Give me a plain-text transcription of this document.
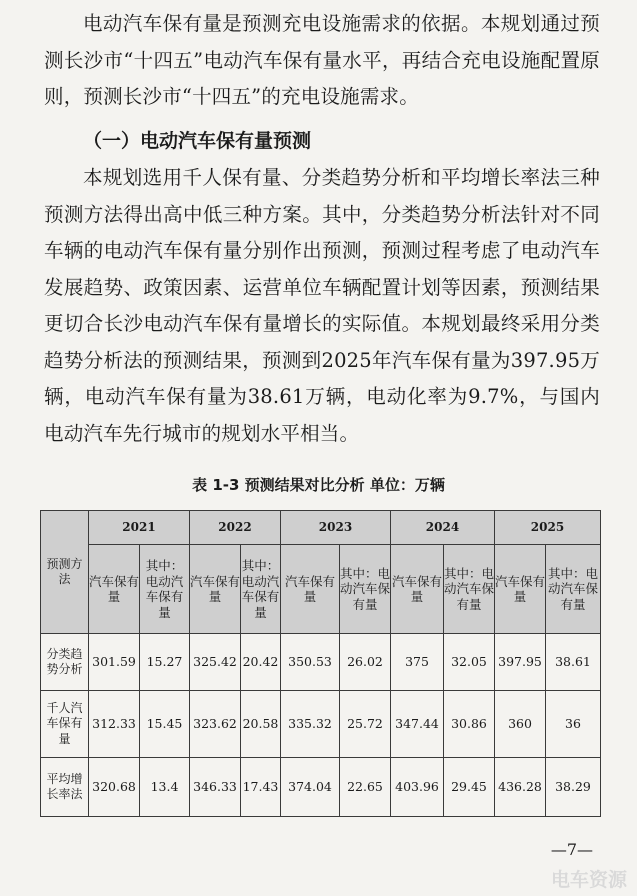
电动汽车保有量是预测充电设施需求的依据。本规划通过预测长沙市“十四五”电动汽车保有量水平，再结合充电设施配置原则，预测长沙市“十四五”的充电设施需求。

（一）电动汽车保有量预测

本规划选用千人保有量、分类趋势分析和平均增长率法三种预测方法得出高中低三种方案。其中，分类趋势分析法针对不同车辆的电动汽车保有量分别作出预测，预测过程考虑了电动汽车发展趋势、政策因素、运营单位车辆配置计划等因素，预测结果更切合长沙电动汽车保有量增长的实际值。本规划最终采用分类趋势分析法的预测结果，预测到2025年汽车保有量为397.95万辆，电动汽车保有量为38.61万辆，电动化率为9.7%，与国内电动汽车先行城市的规划水平相当。

表 1-3 预测结果对比分析 单位：万辆

预测方法	2021		2022		2023		2024		2025	
	汽车保有量	其中：电动汽车保有量	汽车保有量	其中：电动汽车保有量	汽车保有量	其中：电动汽车保有量	汽车保有量	其中：电动汽车保有量	汽车保有量	其中：电动汽车保有量
分类趋势分析	301.59	15.27	325.42	20.42	350.53	26.02	375	32.05	397.95	38.61
千人汽车保有量	312.33	15.45	323.62	20.58	335.32	25.72	347.44	30.86	360	36
平均增长率法	320.68	13.4	346.33	17.43	374.04	22.65	403.96	29.45	436.28	38.29

—7—

电车资源
